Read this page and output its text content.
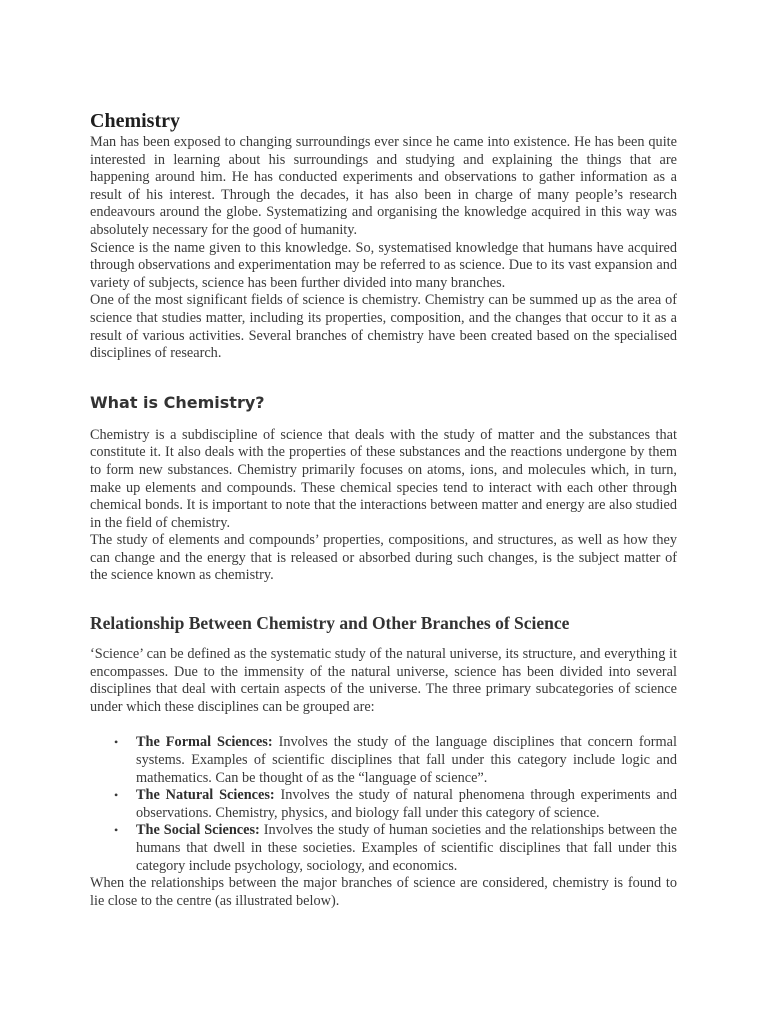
Chemistry

Man has been exposed to changing surroundings ever since he came into existence. He has been quite interested in learning about his surroundings and studying and explaining the things that are happening around him. He has conducted experiments and observations to gather information as a result of his interest. Through the decades, it has also been in charge of many people’s research endeavours around the globe. Systematizing and organising the knowledge acquired in this way was absolutely necessary for the good of humanity.

Science is the name given to this knowledge. So, systematised knowledge that humans have acquired through observations and experimentation may be referred to as science. Due to its vast expansion and variety of subjects, science has been further divided into many branches.

One of the most significant fields of science is chemistry. Chemistry can be summed up as the area of science that studies matter, including its properties, composition, and the changes that occur to it as a result of various activities. Several branches of chemistry have been created based on the specialised disciplines of research.

What is Chemistry?

Chemistry is a subdiscipline of science that deals with the study of matter and the substances that constitute it. It also deals with the properties of these substances and the reactions undergone by them to form new substances. Chemistry primarily focuses on atoms, ions, and molecules which, in turn, make up elements and compounds. These chemical species tend to interact with each other through chemical bonds. It is important to note that the interactions between matter and energy are also studied in the field of chemistry.

The study of elements and compounds’ properties, compositions, and structures, as well as how they can change and the energy that is released or absorbed during such changes, is the subject matter of the science known as chemistry.

Relationship Between Chemistry and Other Branches of Science

‘Science’ can be defined as the systematic study of the natural universe, its structure, and everything it encompasses. Due to the immensity of the natural universe, science has been divided into several disciplines that deal with certain aspects of the universe. The three primary subcategories of science under which these disciplines can be grouped are:

• The Formal Sciences: Involves the study of the language disciplines that concern formal systems. Examples of scientific disciplines that fall under this category include logic and mathematics. Can be thought of as the “language of science”.
• The Natural Sciences: Involves the study of natural phenomena through experiments and observations. Chemistry, physics, and biology fall under this category of science.
• The Social Sciences: Involves the study of human societies and the relationships between the humans that dwell in these societies. Examples of scientific disciplines that fall under this category include psychology, sociology, and economics.

When the relationships between the major branches of science are considered, chemistry is found to lie close to the centre (as illustrated below).
